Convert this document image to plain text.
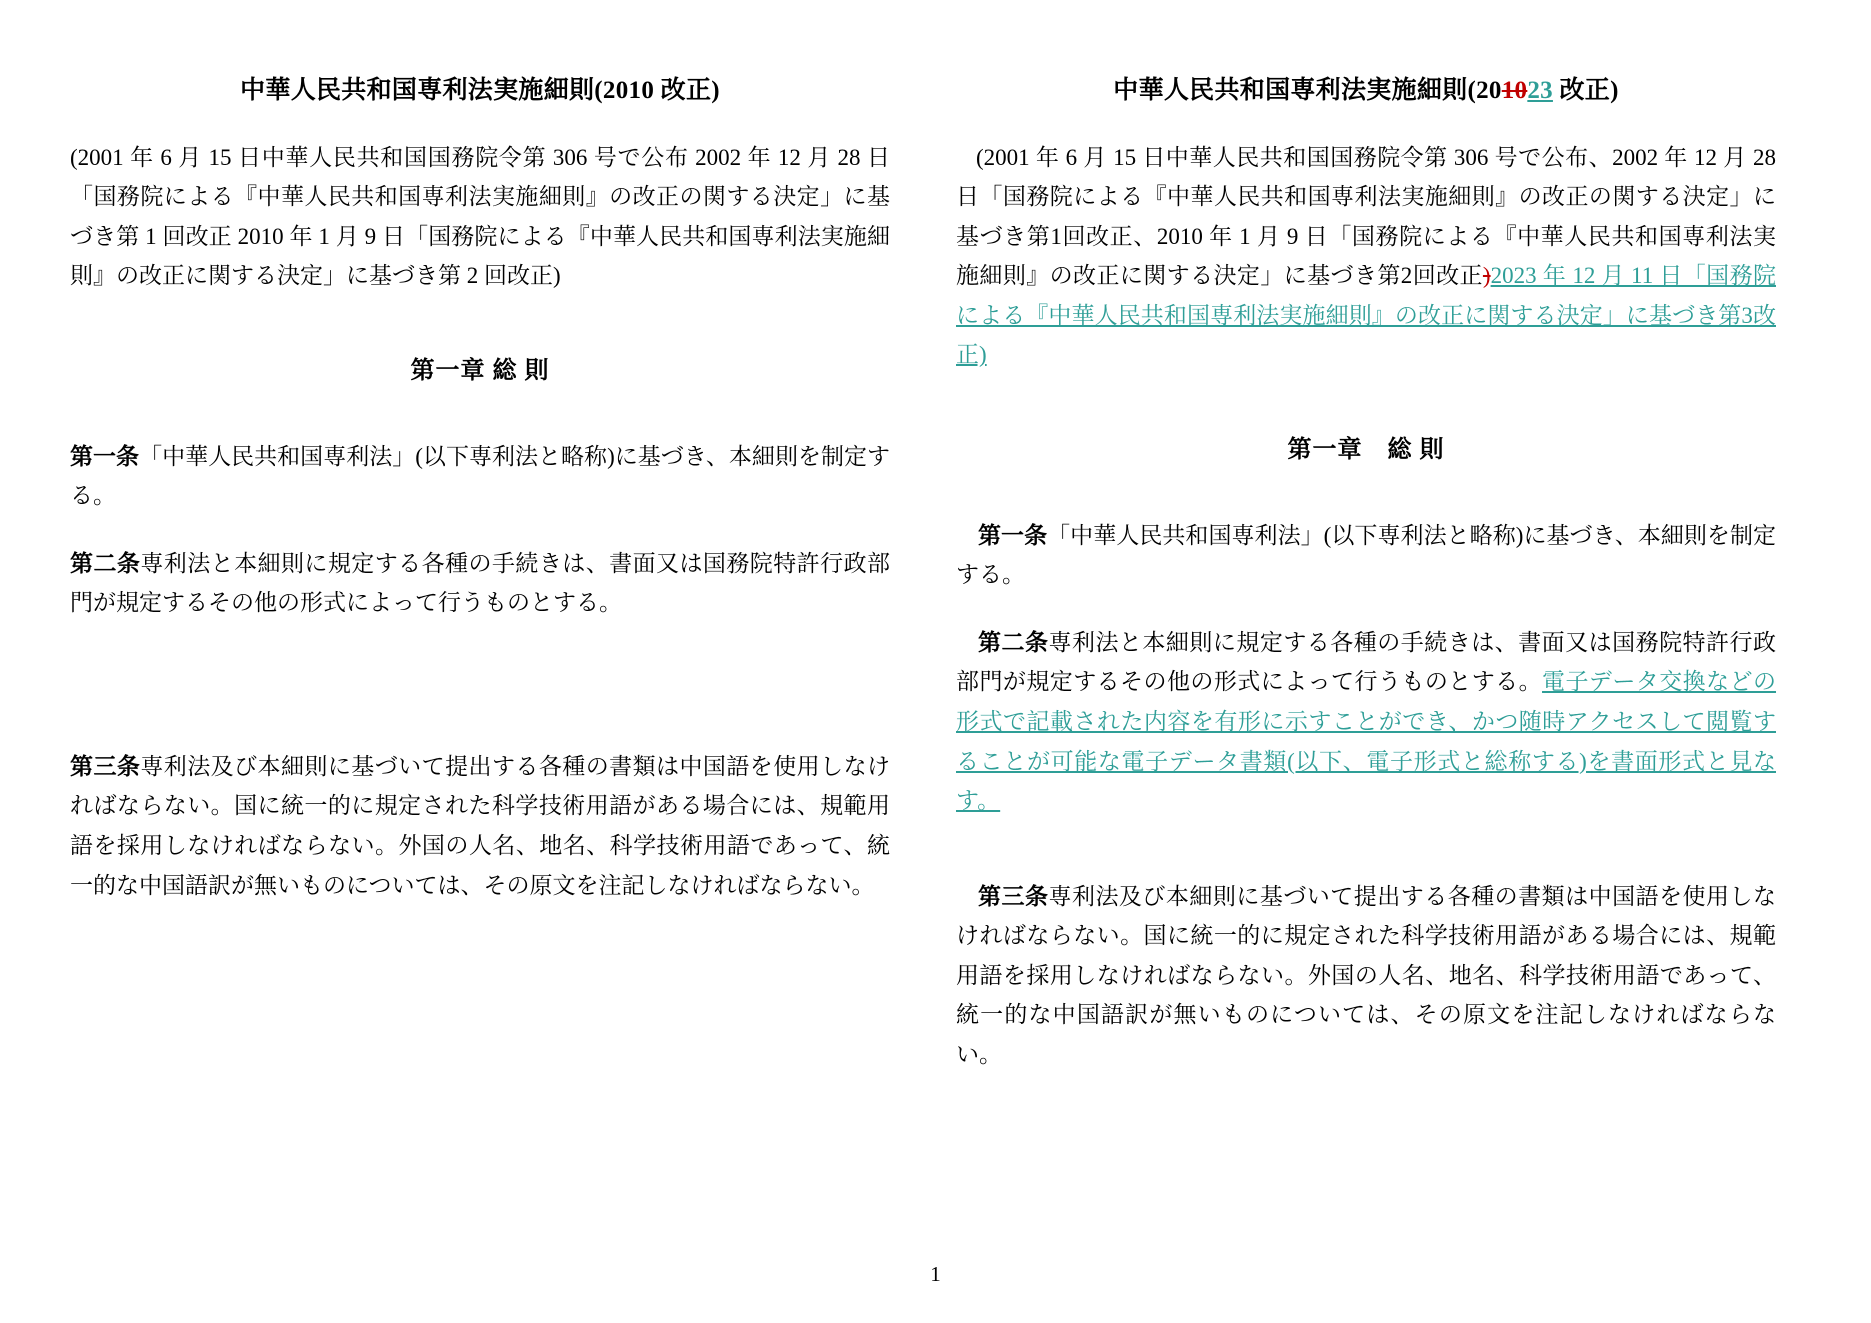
中華人民共和国専利法実施細則(2010 改正)
(2001 年 6 月 15 日中華人民共和国国務院令第 306 号で公布 2002 年 12 月 28 日「国務院による『中華人民共和国専利法実施細則』の改正の関する決定」に基づき第 1 回改正 2010 年 1 月 9 日「国務院による『中華人民共和国専利法実施細則』の改正に関する決定」に基づき第 2 回改正)
第一章 総 則
第一条「中華人民共和国専利法」(以下専利法と略称)に基づき、本細則を制定する。
第二条専利法と本細則に規定する各種の手続きは、書面又は国務院特許行政部門が規定するその他の形式によって行うものとする。
第三条専利法及び本細則に基づいて提出する各種の書類は中国語を使用しなければならない。国に統一的に規定された科学技術用語がある場合には、規範用語を採用しなければならない。外国の人名、地名、科学技術用語であって、統一的な中国語訳が無いものについては、その原文を注記しなければならない。
中華人民共和国専利法実施細則(201023 改正)
(2001 年 6 月 15 日中華人民共和国国務院令第 306 号で公布、2002 年 12 月 28 日「国務院による『中華人民共和国専利法実施細則』の改正の関する決定」に基づき第1回改正、2010 年 1 月 9 日「国務院による『中華人民共和国専利法実施細則』の改正に関する決定」に基づき第2回改正)2023 年 12 月 11 日「国務院による『中華人民共和国専利法実施細則』の改正に関する決定」に基づき第3改正)
第一章　総 則
第一条「中華人民共和国専利法」(以下専利法と略称)に基づき、本細則を制定する。
第二条専利法と本細則に規定する各種の手続きは、書面又は国務院特許行政部門が規定するその他の形式によって行うものとする。電子データ交換などの形式で記載された内容を有形に示すことができ、かつ随時アクセスして閲覧することが可能な電子データ書類(以下、電子形式と総称する)を書面形式と見なす。
第三条専利法及び本細則に基づいて提出する各種の書類は中国語を使用しなければならない。国に統一的に規定された科学技術用語がある場合には、規範用語を採用しなければならない。外国の人名、地名、科学技術用語であって、統一的な中国語訳が無いものについては、その原文を注記しなければならない。
1
